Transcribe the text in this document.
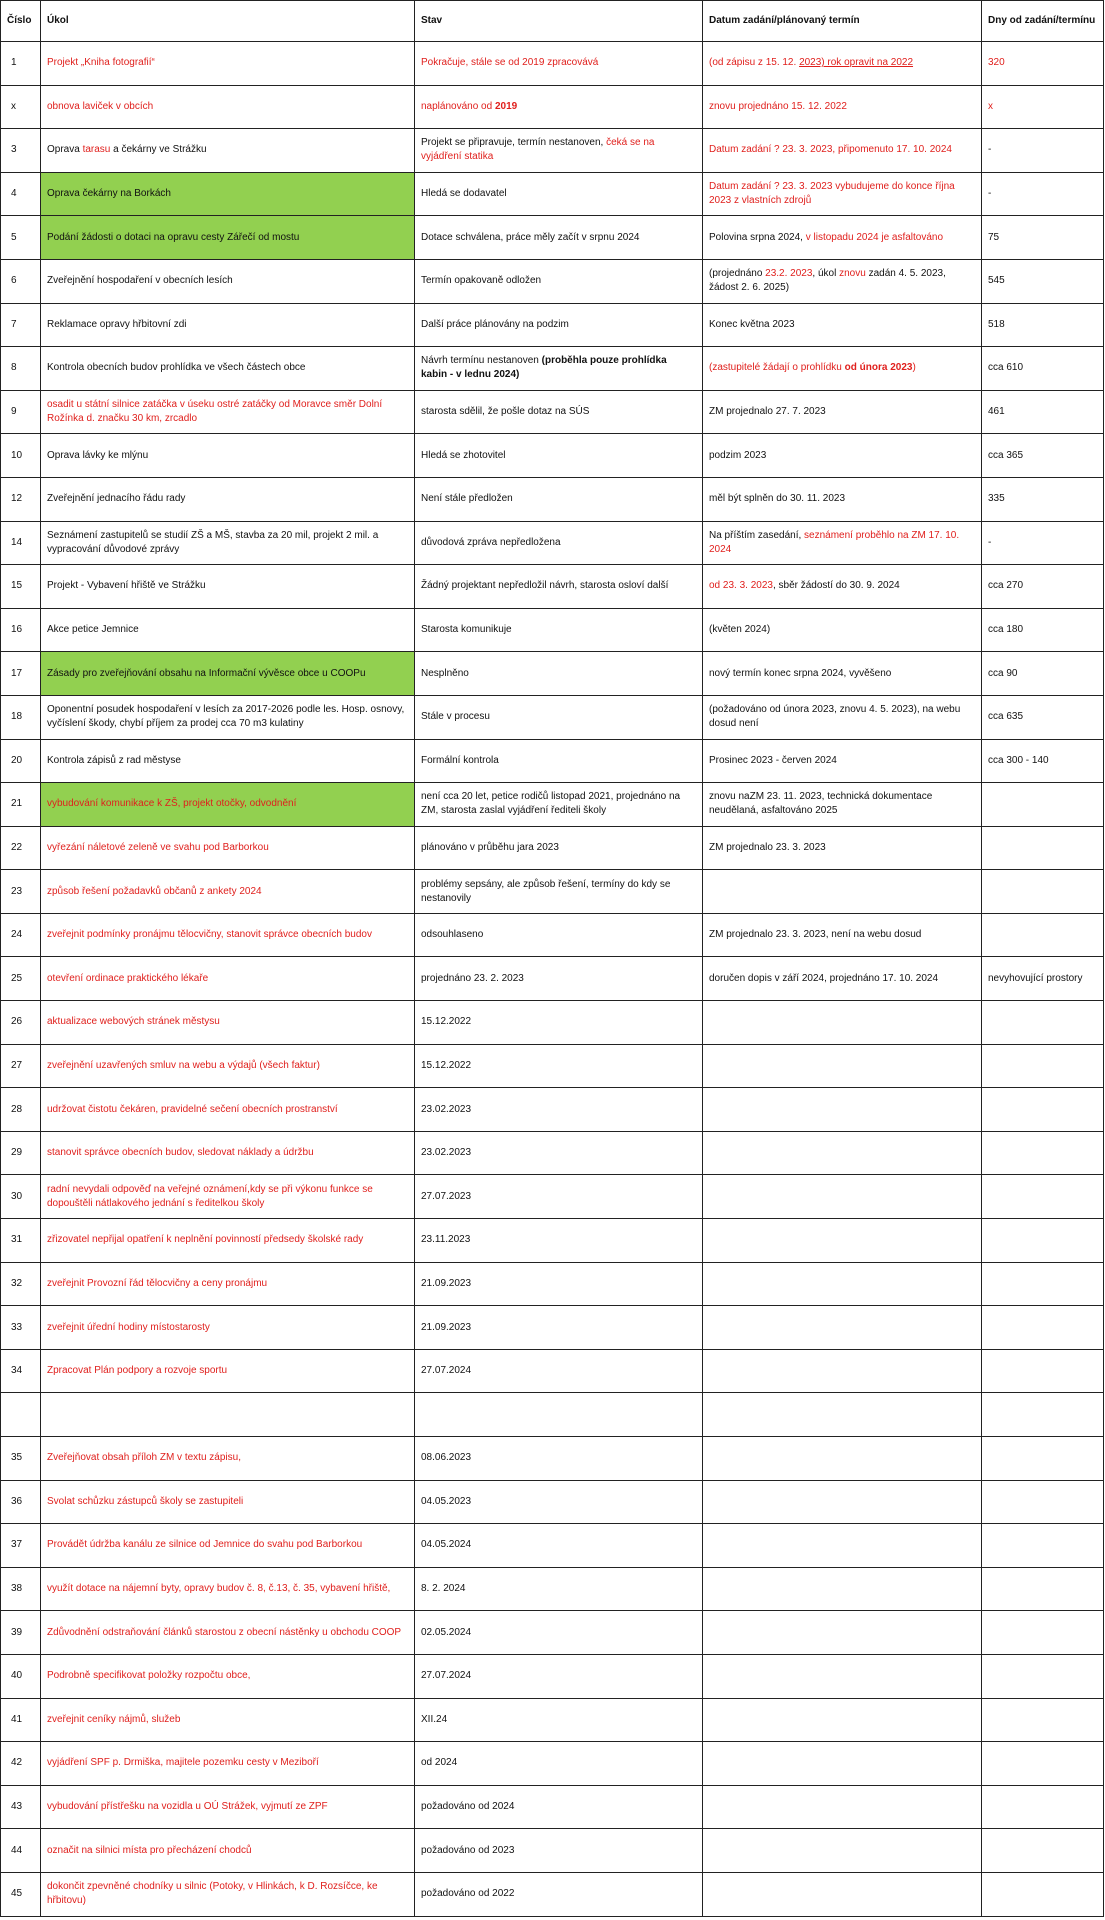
Číslo	Úkol	Stav	Datum zadání/plánovaný termín	Dny od zadání/termínu
1	Projekt „Kniha fotografií“	Pokračuje, stále se od 2019 zpracovává	(od zápisu z 15. 12. 2023) rok opravit na 2022	320
x	obnova laviček v obcích	naplánováno od 2019	znovu projednáno 15. 12. 2022	x
3	Oprava tarasu a čekárny ve Strážku	Projekt se připravuje, termín nestanoven, čeká se na vyjádření statika	Datum zadání ? 23. 3. 2023, připomenuto 17. 10. 2024	-
4	Oprava čekárny na Borkách	Hledá se dodavatel	Datum zadání ? 23. 3. 2023 vybudujeme do konce října 2023 z vlastních zdrojů	-
5	Podání žádosti o dotaci na opravu cesty Zářečí od mostu	Dotace schválena, práce měly začít v srpnu 2024	Polovina srpna 2024, v listopadu 2024 je asfaltováno	75
6	Zveřejnění hospodaření v obecních lesích	Termín opakovaně odložen	(projednáno 23.2. 2023, úkol znovu zadán 4. 5. 2023, žádost 2. 6. 2025)	545
7	Reklamace opravy hřbitovní zdi	Další práce plánovány na podzim	Konec května 2023	518
8	Kontrola obecních budov prohlídka ve všech částech obce	Návrh termínu nestanoven (proběhla pouze prohlídka kabin - v lednu 2024)	(zastupitelé žádají o prohlídku od února 2023)	cca 610
9	osadit u státní silnice zatáčka v úseku ostré zatáčky od Moravce směr Dolní Rožínka d. značku 30 km, zrcadlo	starosta sdělil, že pošle dotaz na SÚS	ZM projednalo 27. 7. 2023	461
10	Oprava lávky ke mlýnu	Hledá se zhotovitel	podzim 2023	cca 365
12	Zveřejnění jednacího řádu rady	Není stále předložen	měl být splněn do 30. 11. 2023	335
14	Seznámení zastupitelů se studií ZŠ a MŠ, stavba za 20 mil, projekt 2 mil. a vypracování důvodové zprávy	důvodová zpráva nepředložena	Na příštím zasedání, seznámení proběhlo na ZM 17. 10. 2024	-
15	Projekt - Vybavení hřiště ve Strážku	Žádný projektant nepředložil návrh, starosta osloví další	od 23. 3. 2023, sběr žádostí do 30. 9. 2024	cca 270
16	Akce petice Jemnice	Starosta komunikuje	(květen 2024)	cca 180
17	Zásady pro zveřejňování obsahu na Informační vývěsce obce u COOPu	Nesplněno	nový termín konec srpna 2024, vyvěšeno	cca 90
18	Oponentní posudek hospodaření v lesích za 2017-2026 podle les. Hosp. osnovy, vyčíslení škody, chybí příjem za prodej cca 70 m3 kulatiny	Stále v procesu	(požadováno od února 2023, znovu 4. 5. 2023), na webu dosud není	cca 635
20	Kontrola zápisů z rad městyse	Formální kontrola	Prosinec 2023 - červen 2024	cca 300 - 140
21	vybudování komunikace k ZŠ, projekt otočky, odvodnění	není cca 20 let, petice rodičů listopad 2021, projednáno na ZM, starosta zaslal vyjádření řediteli školy	znovu naZM 23. 11. 2023, technická dokumentace neudělaná, asfaltováno 2025	
22	vyřezání náletové zeleně ve svahu pod Barborkou	plánováno v průběhu jara 2023	ZM projednalo 23. 3. 2023	
23	způsob řešení požadavků občanů z ankety 2024	problémy sepsány, ale způsob řešení, termíny do kdy se nestanovily		
24	zveřejnit podmínky pronájmu tělocvičny, stanovit správce obecních budov	odsouhlaseno	ZM projednalo 23. 3. 2023, není na webu dosud	
25	otevření ordinace praktického lékaře	projednáno 23. 2. 2023	doručen dopis v září 2024, projednáno 17. 10. 2024	nevyhovující prostory
26	aktualizace webových stránek městysu	15.12.2022		
27	zveřejnění uzavřených smluv na webu a výdajů (všech faktur)	15.12.2022		
28	udržovat čistotu čekáren, pravidelné sečení obecních prostranství	23.02.2023		
29	stanovit správce obecních budov, sledovat náklady a údržbu	23.02.2023		
30	radní nevydali odpověď na veřejné oznámení,kdy se při výkonu funkce se dopouštěli nátlakového jednání s ředitelkou školy	27.07.2023		
31	zřizovatel nepřijal opatření k neplnění povinností předsedy školské rady	23.11.2023		
32	zveřejnit Provozní řád tělocvičny a ceny pronájmu	21.09.2023		
33	zveřejnit úřední hodiny místostarosty	21.09.2023		
34	Zpracovat Plán podpory a rozvoje sportu	27.07.2024		

35	Zveřejňovat obsah příloh ZM v textu zápisu,	08.06.2023		
36	Svolat schůzku zástupců školy se zastupiteli	04.05.2023		
37	Provádět údržba kanálu ze silnice od Jemnice do svahu pod Barborkou	04.05.2024		
38	využít dotace na nájemní byty, opravy budov č. 8, č.13, č. 35, vybavení hřiště,	8. 2. 2024		
39	Zdůvodnění odstraňování článků starostou z obecní nástěnky u obchodu COOP	02.05.2024		
40	Podrobně specifikovat položky rozpočtu obce,	27.07.2024		
41	zveřejnit ceníky nájmů, služeb	XII.24		
42	vyjádření SPF p. Drmiška, majitele pozemku cesty v Meziboří	od 2024		
43	vybudování přístřešku na vozidla u OÚ Strážek, vyjmutí ze ZPF	požadováno od 2024		
44	označit na silnici místa pro přecházení chodců	požadováno od 2023		
45	dokončit zpevněné chodníky u silnic (Potoky, v Hlinkách, k D. Rozsíčce, ke hřbitovu)	požadováno od 2022		
